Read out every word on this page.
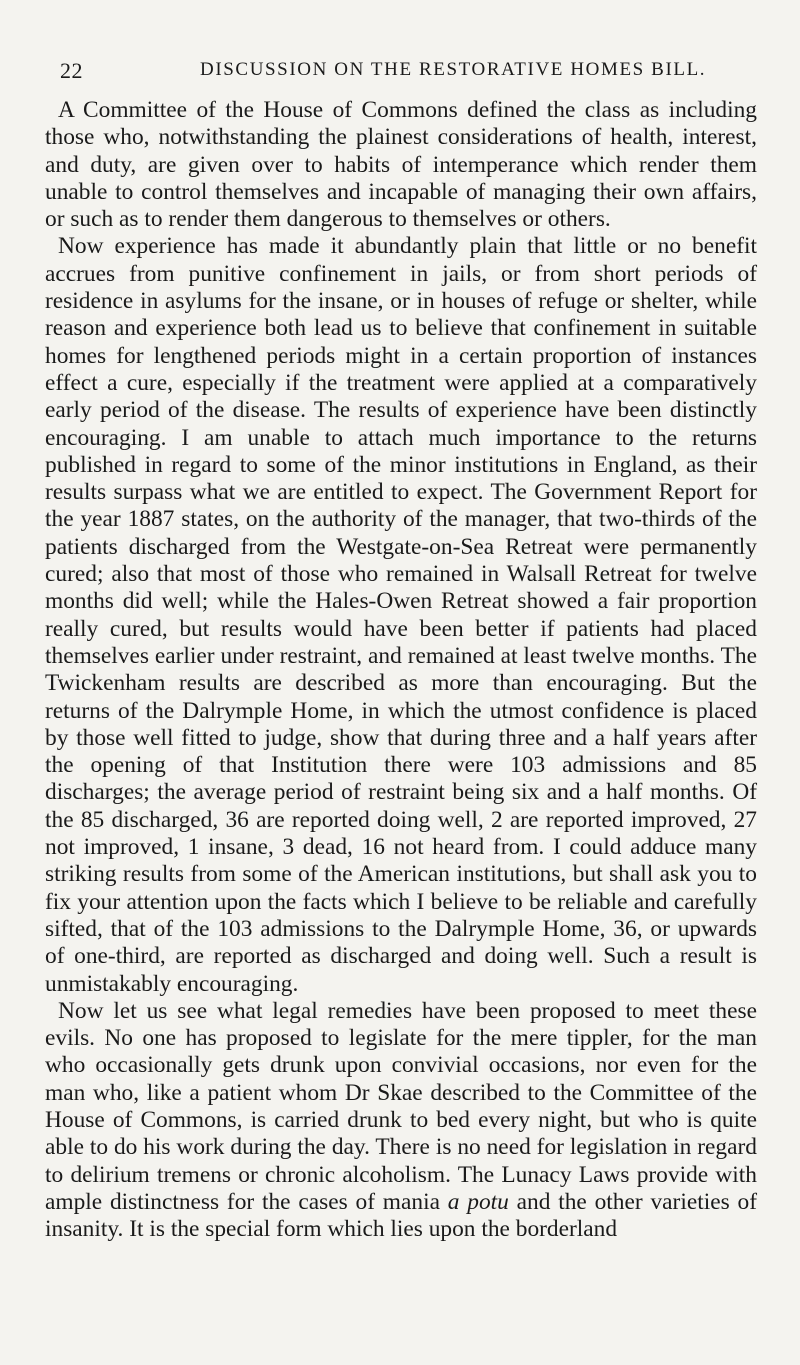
22	DISCUSSION ON THE RESTORATIVE HOMES BILL.

A Committee of the House of Commons defined the class as including those who, notwithstanding the plainest considerations of health, interest, and duty, are given over to habits of intemperance which render them unable to control themselves and incapable of managing their own affairs, or such as to render them dangerous to themselves or others.

Now experience has made it abundantly plain that little or no benefit accrues from punitive confinement in jails, or from short periods of residence in asylums for the insane, or in houses of refuge or shelter, while reason and experience both lead us to believe that confinement in suitable homes for lengthened periods might in a certain proportion of instances effect a cure, especially if the treatment were applied at a comparatively early period of the disease. The results of experience have been distinctly encouraging. I am unable to attach much importance to the returns published in regard to some of the minor institutions in England, as their results surpass what we are entitled to expect. The Government Report for the year 1887 states, on the authority of the manager, that two-thirds of the patients discharged from the Westgate-on-Sea Retreat were permanently cured; also that most of those who remained in Walsall Retreat for twelve months did well; while the Hales-Owen Retreat showed a fair proportion really cured, but results would have been better if patients had placed themselves earlier under restraint, and remained at least twelve months. The Twickenham results are described as more than encouraging. But the returns of the Dalrymple Home, in which the utmost confidence is placed by those well fitted to judge, show that during three and a half years after the opening of that Institution there were 103 admissions and 85 discharges; the average period of restraint being six and a half months. Of the 85 discharged, 36 are reported doing well, 2 are reported improved, 27 not improved, 1 insane, 3 dead, 16 not heard from. I could adduce many striking results from some of the American institutions, but shall ask you to fix your attention upon the facts which I believe to be reliable and carefully sifted, that of the 103 admissions to the Dalrymple Home, 36, or upwards of one-third, are reported as discharged and doing well. Such a result is unmistakably encouraging.

Now let us see what legal remedies have been proposed to meet these evils. No one has proposed to legislate for the mere tippler, for the man who occasionally gets drunk upon convivial occasions, nor even for the man who, like a patient whom Dr Skae described to the Committee of the House of Commons, is carried drunk to bed every night, but who is quite able to do his work during the day. There is no need for legislation in regard to delirium tremens or chronic alcoholism. The Lunacy Laws provide with ample distinctness for the cases of mania a potu and the other varieties of insanity. It is the special form which lies upon the borderland
